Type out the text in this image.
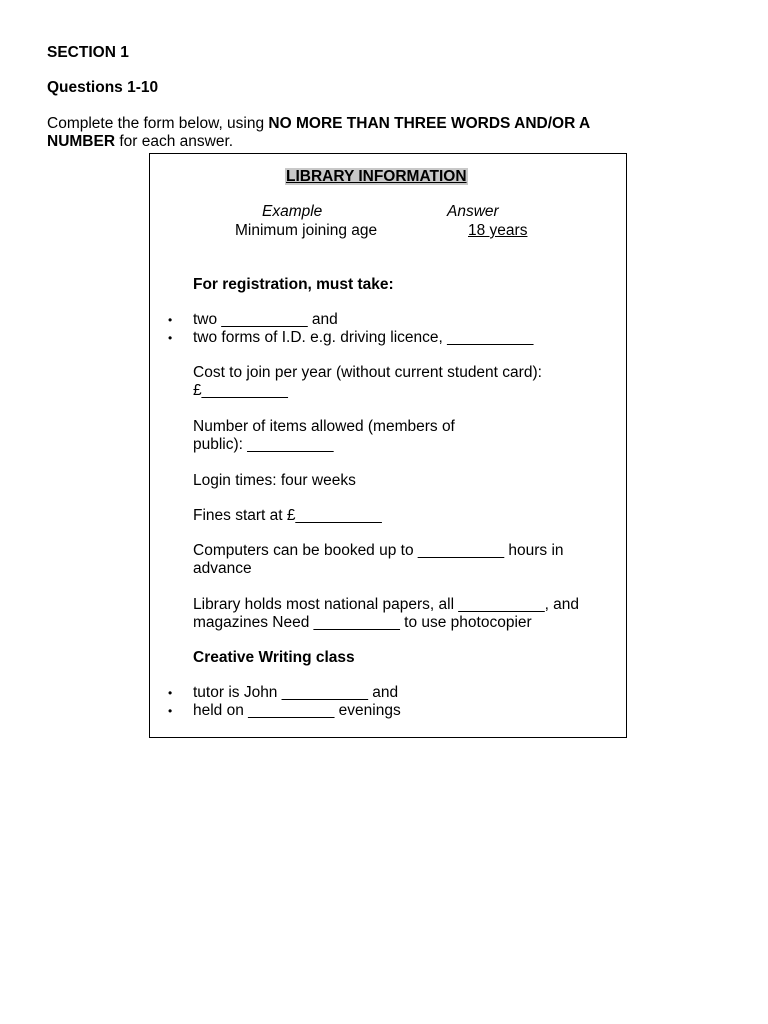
SECTION 1
Questions 1-10
Complete the form below, using NO MORE THAN THREE WORDS AND/OR A
NUMBER for each answer.
LIBRARY INFORMATION
Example	Answer
Minimum joining age	18 years
For registration, must take:
• two __________ and
• two forms of I.D. e.g. driving licence, __________
Cost to join per year (without current student card):
£__________
Number of items allowed (members of
public): __________
Login times: four weeks
Fines start at £__________
Computers can be booked up to __________ hours in
advance
Library holds most national papers, all __________, and
magazines Need __________ to use photocopier
Creative Writing class
• tutor is John __________ and
• held on __________ evenings
